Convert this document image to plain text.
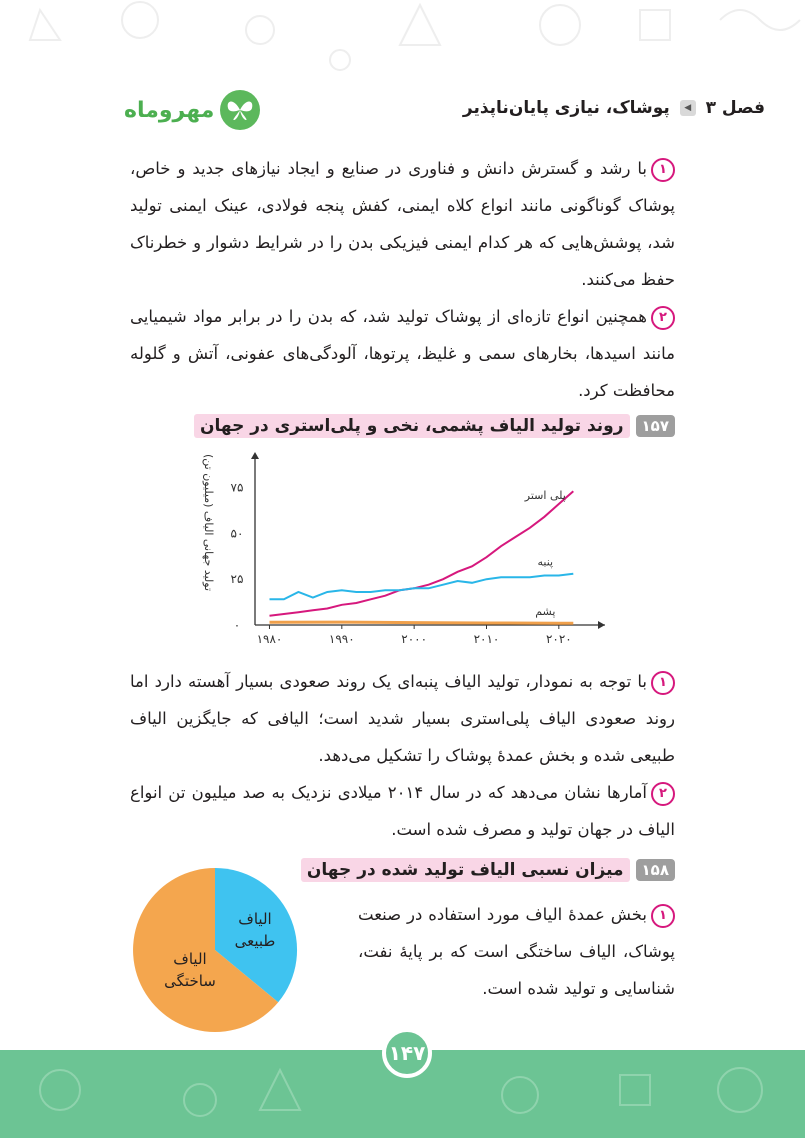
فصل ۳ ◀ پوشاک، نیازی پایان‌ناپذیر
مهروماه
۱با رشد و گسترش دانش و فناوری در صنایع و ایجاد نیازهای جدید و خاص، پوشاک گوناگونی مانند انواع کلاه ایمنی، کفش پنجه فولادی، عینک ایمنی تولید شد، پوشش‌هایی که هر کدام ایمنی فیزیکی بدن را در شرایط دشوار و خطرناک حفظ می‌کنند.
۲همچنین انواع تازه‌ای از پوشاک تولید شد، که بدن را در برابر مواد شیمیایی مانند اسیدها، بخارهای سمی و غلیظ، پرتوها، آلودگی‌های عفونی، آتش و گلوله محافظت کرد.
۱۵۷
روند تولید الیاف پشمی، نخی و پلی‌استری در جهان
۰
۲۵
۵۰
۷۵
۱۹۸۰	۱۹۹۰	۲۰۰۰	۲۰۱۰	۲۰۲۰
تولید جهانی الیاف (میلیون تن)	پلی استر
پنبه
پشم
۱با توجه به نمودار، تولید الیاف پنبه‌ای یک روند صعودی بسیار آهسته دارد اما روند صعودی الیاف پلی‌استری بسیار شدید است؛ الیافی که جایگزین الیاف طبیعی شده و بخش عمدهٔ پوشاک را تشکیل می‌دهد.
۲آمارها نشان می‌دهد که در سال ۲۰۱۴ میلادی نزدیک به صد میلیون تن انواع الیاف در جهان تولید و مصرف شده است.
۱۵۸
میزان نسبی الیاف تولید شده در جهان
الیاف
طبیعی
الیاف
ساختگی
۱بخش عمدهٔ الیاف مورد استفاده در صنعت پوشاک، الیاف ساختگی است که بر پایهٔ نفت، شناسایی و تولید شده است.
۱۴۷
